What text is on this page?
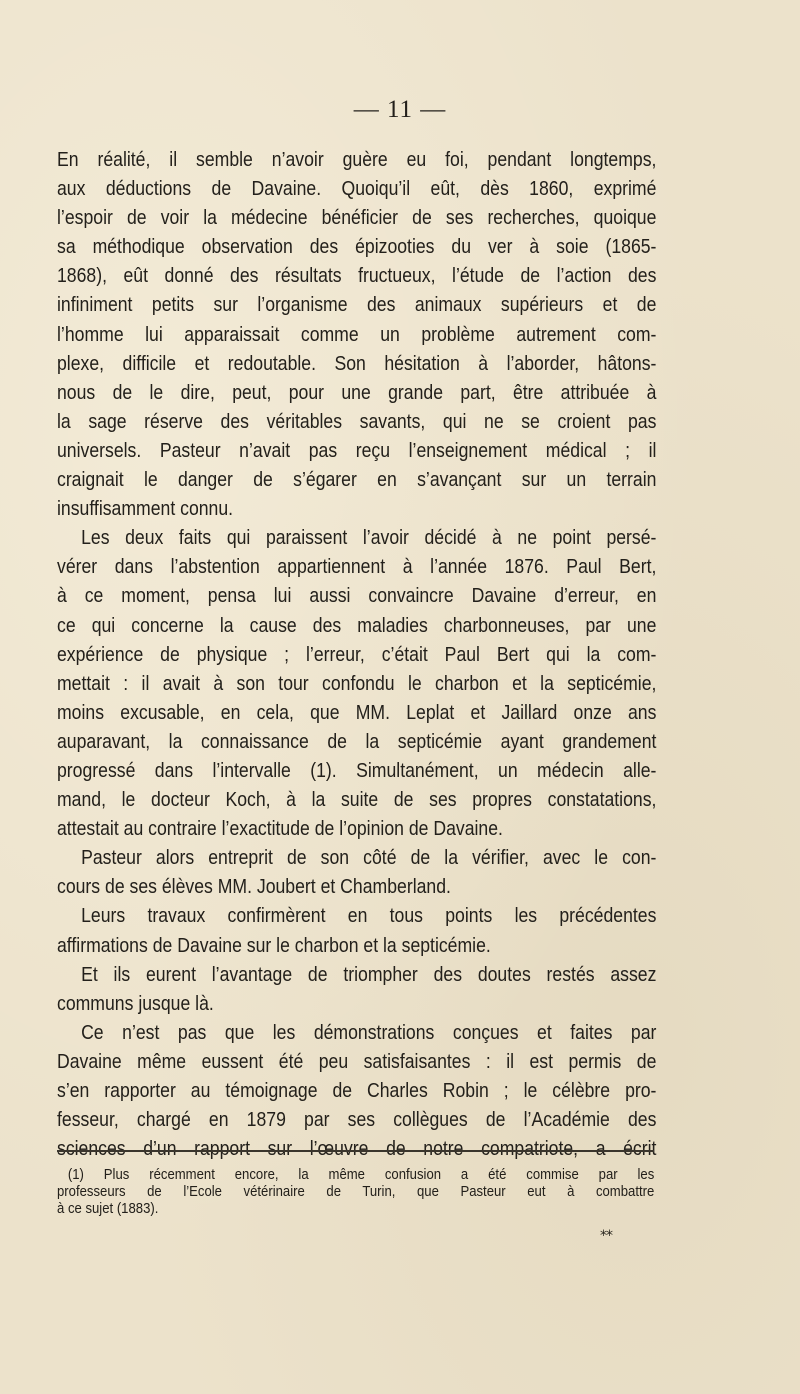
— 11 —
En réalité, il semble n’avoir guère eu foi, pendant longtemps,
aux déductions de Davaine. Quoiqu’il eût, dès 1860, exprimé
l’espoir de voir la médecine bénéficier de ses recherches, quoique
sa méthodique observation des épizooties du ver à soie (1865-
1868), eût donné des résultats fructueux, l’étude de l’action des
infiniment petits sur l’organisme des animaux supérieurs et de
l’homme lui apparaissait comme un problème autrement com-
plexe, difficile et redoutable. Son hésitation à l’aborder, hâtons-
nous de le dire, peut, pour une grande part, être attribuée à
la sage réserve des véritables savants, qui ne se croient pas
universels. Pasteur n’avait pas reçu l’enseignement médical ; il
craignait le danger de s’égarer en s’avançant sur un terrain
insuffisamment connu.
Les deux faits qui paraissent l’avoir décidé à ne point persé-
vérer dans l’abstention appartiennent à l’année 1876. Paul Bert,
à ce moment, pensa lui aussi convaincre Davaine d’erreur, en
ce qui concerne la cause des maladies charbonneuses, par une
expérience de physique ; l’erreur, c’était Paul Bert qui la com-
mettait : il avait à son tour confondu le charbon et la septicémie,
moins excusable, en cela, que MM. Leplat et Jaillard onze ans
auparavant, la connaissance de la septicémie ayant grandement
progressé dans l’intervalle (1). Simultanément, un médecin alle-
mand, le docteur Koch, à la suite de ses propres constatations,
attestait au contraire l’exactitude de l’opinion de Davaine.
Pasteur alors entreprit de son côté de la vérifier, avec le con-
cours de ses élèves MM. Joubert et Chamberland.
Leurs travaux confirmèrent en tous points les précédentes
affirmations de Davaine sur le charbon et la septicémie.
Et ils eurent l’avantage de triompher des doutes restés assez
communs jusque là.
Ce n’est pas que les démonstrations conçues et faites par
Davaine même eussent été peu satisfaisantes : il est permis de
s’en rapporter au témoignage de Charles Robin ; le célèbre pro-
fesseur, chargé en 1879 par ses collègues de l’Académie des
sciences d’un rapport sur l’œuvre de notre compatriote, a écrit
(1) Plus récemment encore, la même confusion a été commise par les
professeurs de l’Ecole vétérinaire de Turin, que Pasteur eut à combattre
à ce sujet (1883).
**
